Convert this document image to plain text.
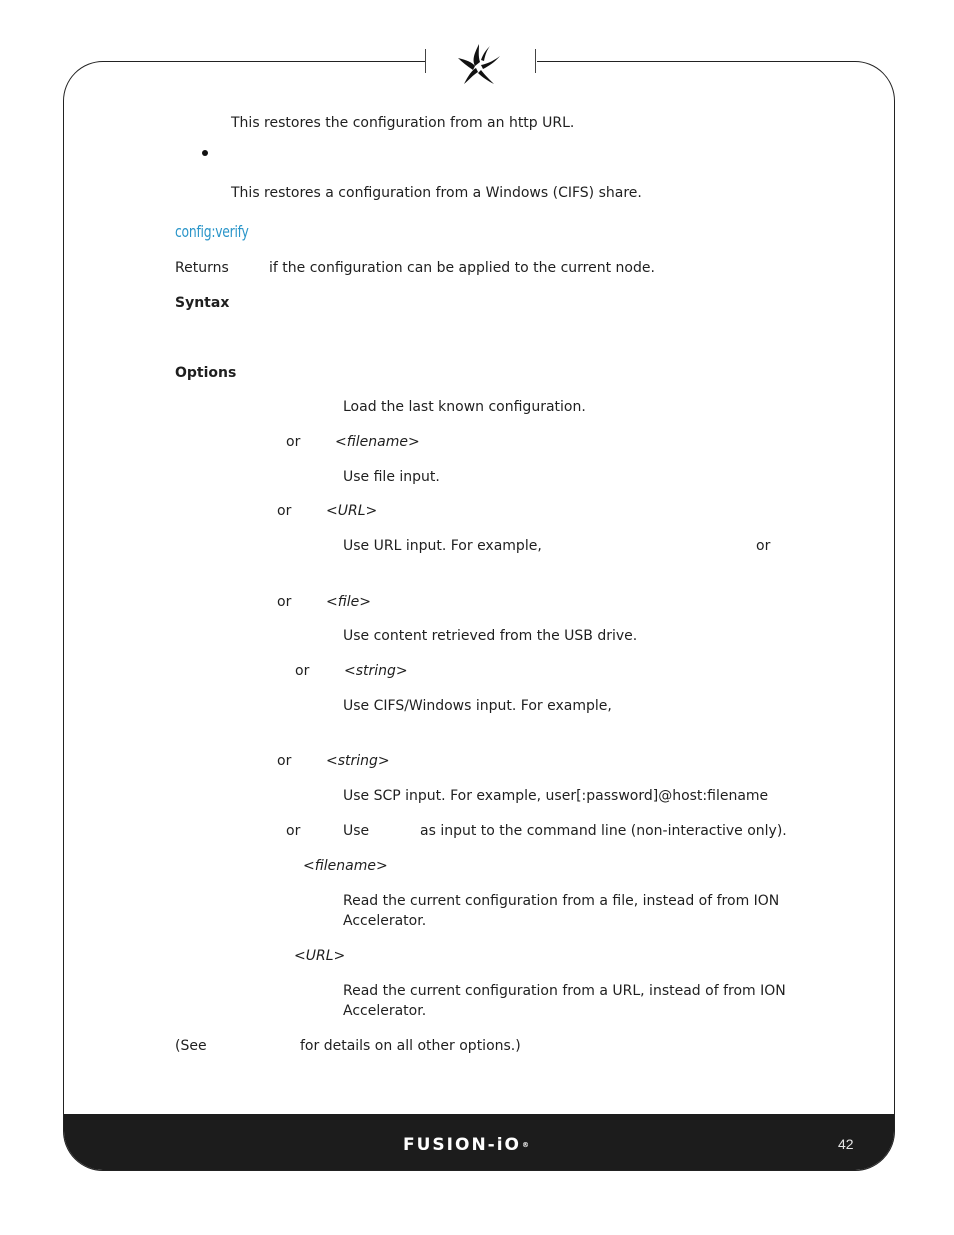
FUSION-iO®	42
This restores the configuration from an http URL.
This restores a configuration from a Windows (CIFS) share.
config:verify
Returns	if the configuration can be applied to the current node.
Syntax
Options
Load the last known configuration.
or <filename>
Use file input.
or <URL>
Use URL input. For example,	or
or <file>
Use content retrieved from the USB drive.
or <string>
Use CIFS/Windows input. For example,
or <string>
Use SCP input. For example, user[:password]@host:filename
or	Use	as input to the command line (non-interactive only).
<filename>
Read the current configuration from a file, instead of from ION
Accelerator.
<URL>
Read the current configuration from a URL, instead of from ION
Accelerator.
(See	for details on all other options.)
